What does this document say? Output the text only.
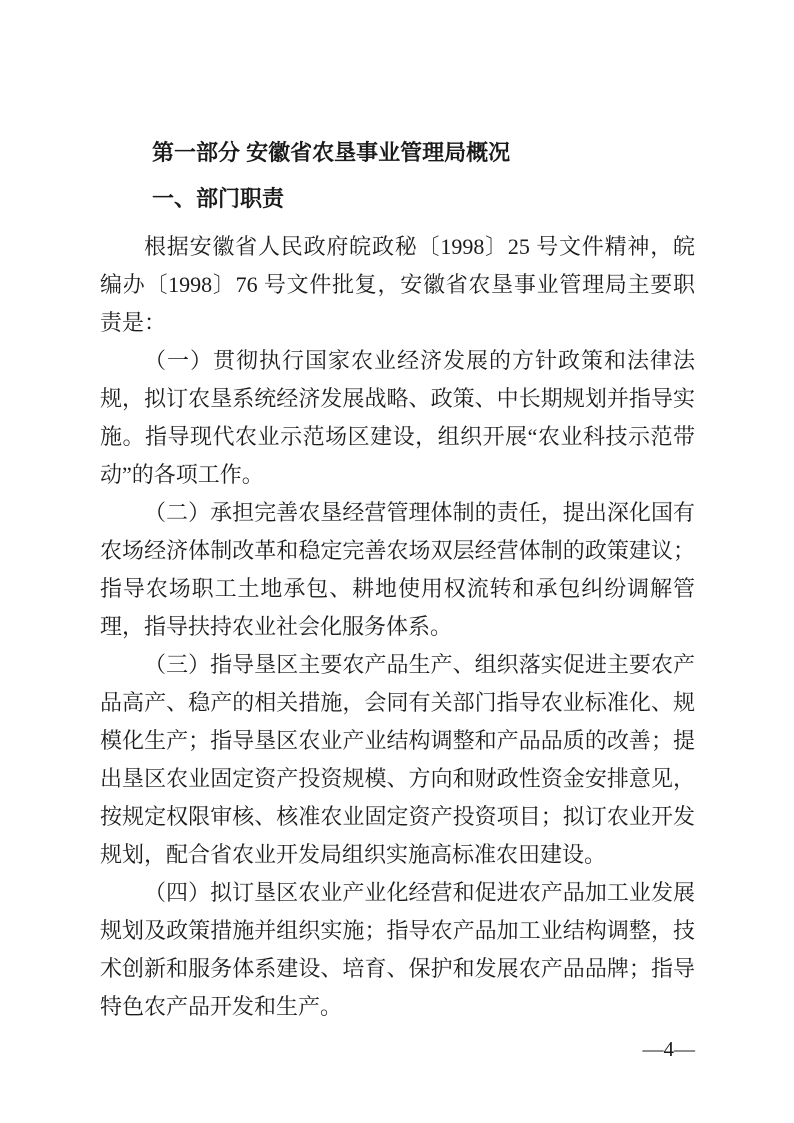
第一部分 安徽省农垦事业管理局概况
一、部门职责

根据安徽省人民政府皖政秘〔1998〕25 号文件精神，皖编办〔1998〕76 号文件批复，安徽省农垦事业管理局主要职责是：

（一）贯彻执行国家农业经济发展的方针政策和法律法规，拟订农垦系统经济发展战略、政策、中长期规划并指导实施。指导现代农业示范场区建设，组织开展“农业科技示范带动”的各项工作。

（二）承担完善农垦经营管理体制的责任，提出深化国有农场经济体制改革和稳定完善农场双层经营体制的政策建议；指导农场职工土地承包、耕地使用权流转和承包纠纷调解管理，指导扶持农业社会化服务体系。

（三）指导垦区主要农产品生产、组织落实促进主要农产品高产、稳产的相关措施，会同有关部门指导农业标准化、规模化生产；指导垦区农业产业结构调整和产品品质的改善；提出垦区农业固定资产投资规模、方向和财政性资金安排意见，按规定权限审核、核准农业固定资产投资项目；拟订农业开发规划，配合省农业开发局组织实施高标准农田建设。

（四）拟订垦区农业产业化经营和促进农产品加工业发展规划及政策措施并组织实施；指导农产品加工业结构调整，技术创新和服务体系建设、培育、保护和发展农产品品牌；指导特色农产品开发和生产。

—4—
